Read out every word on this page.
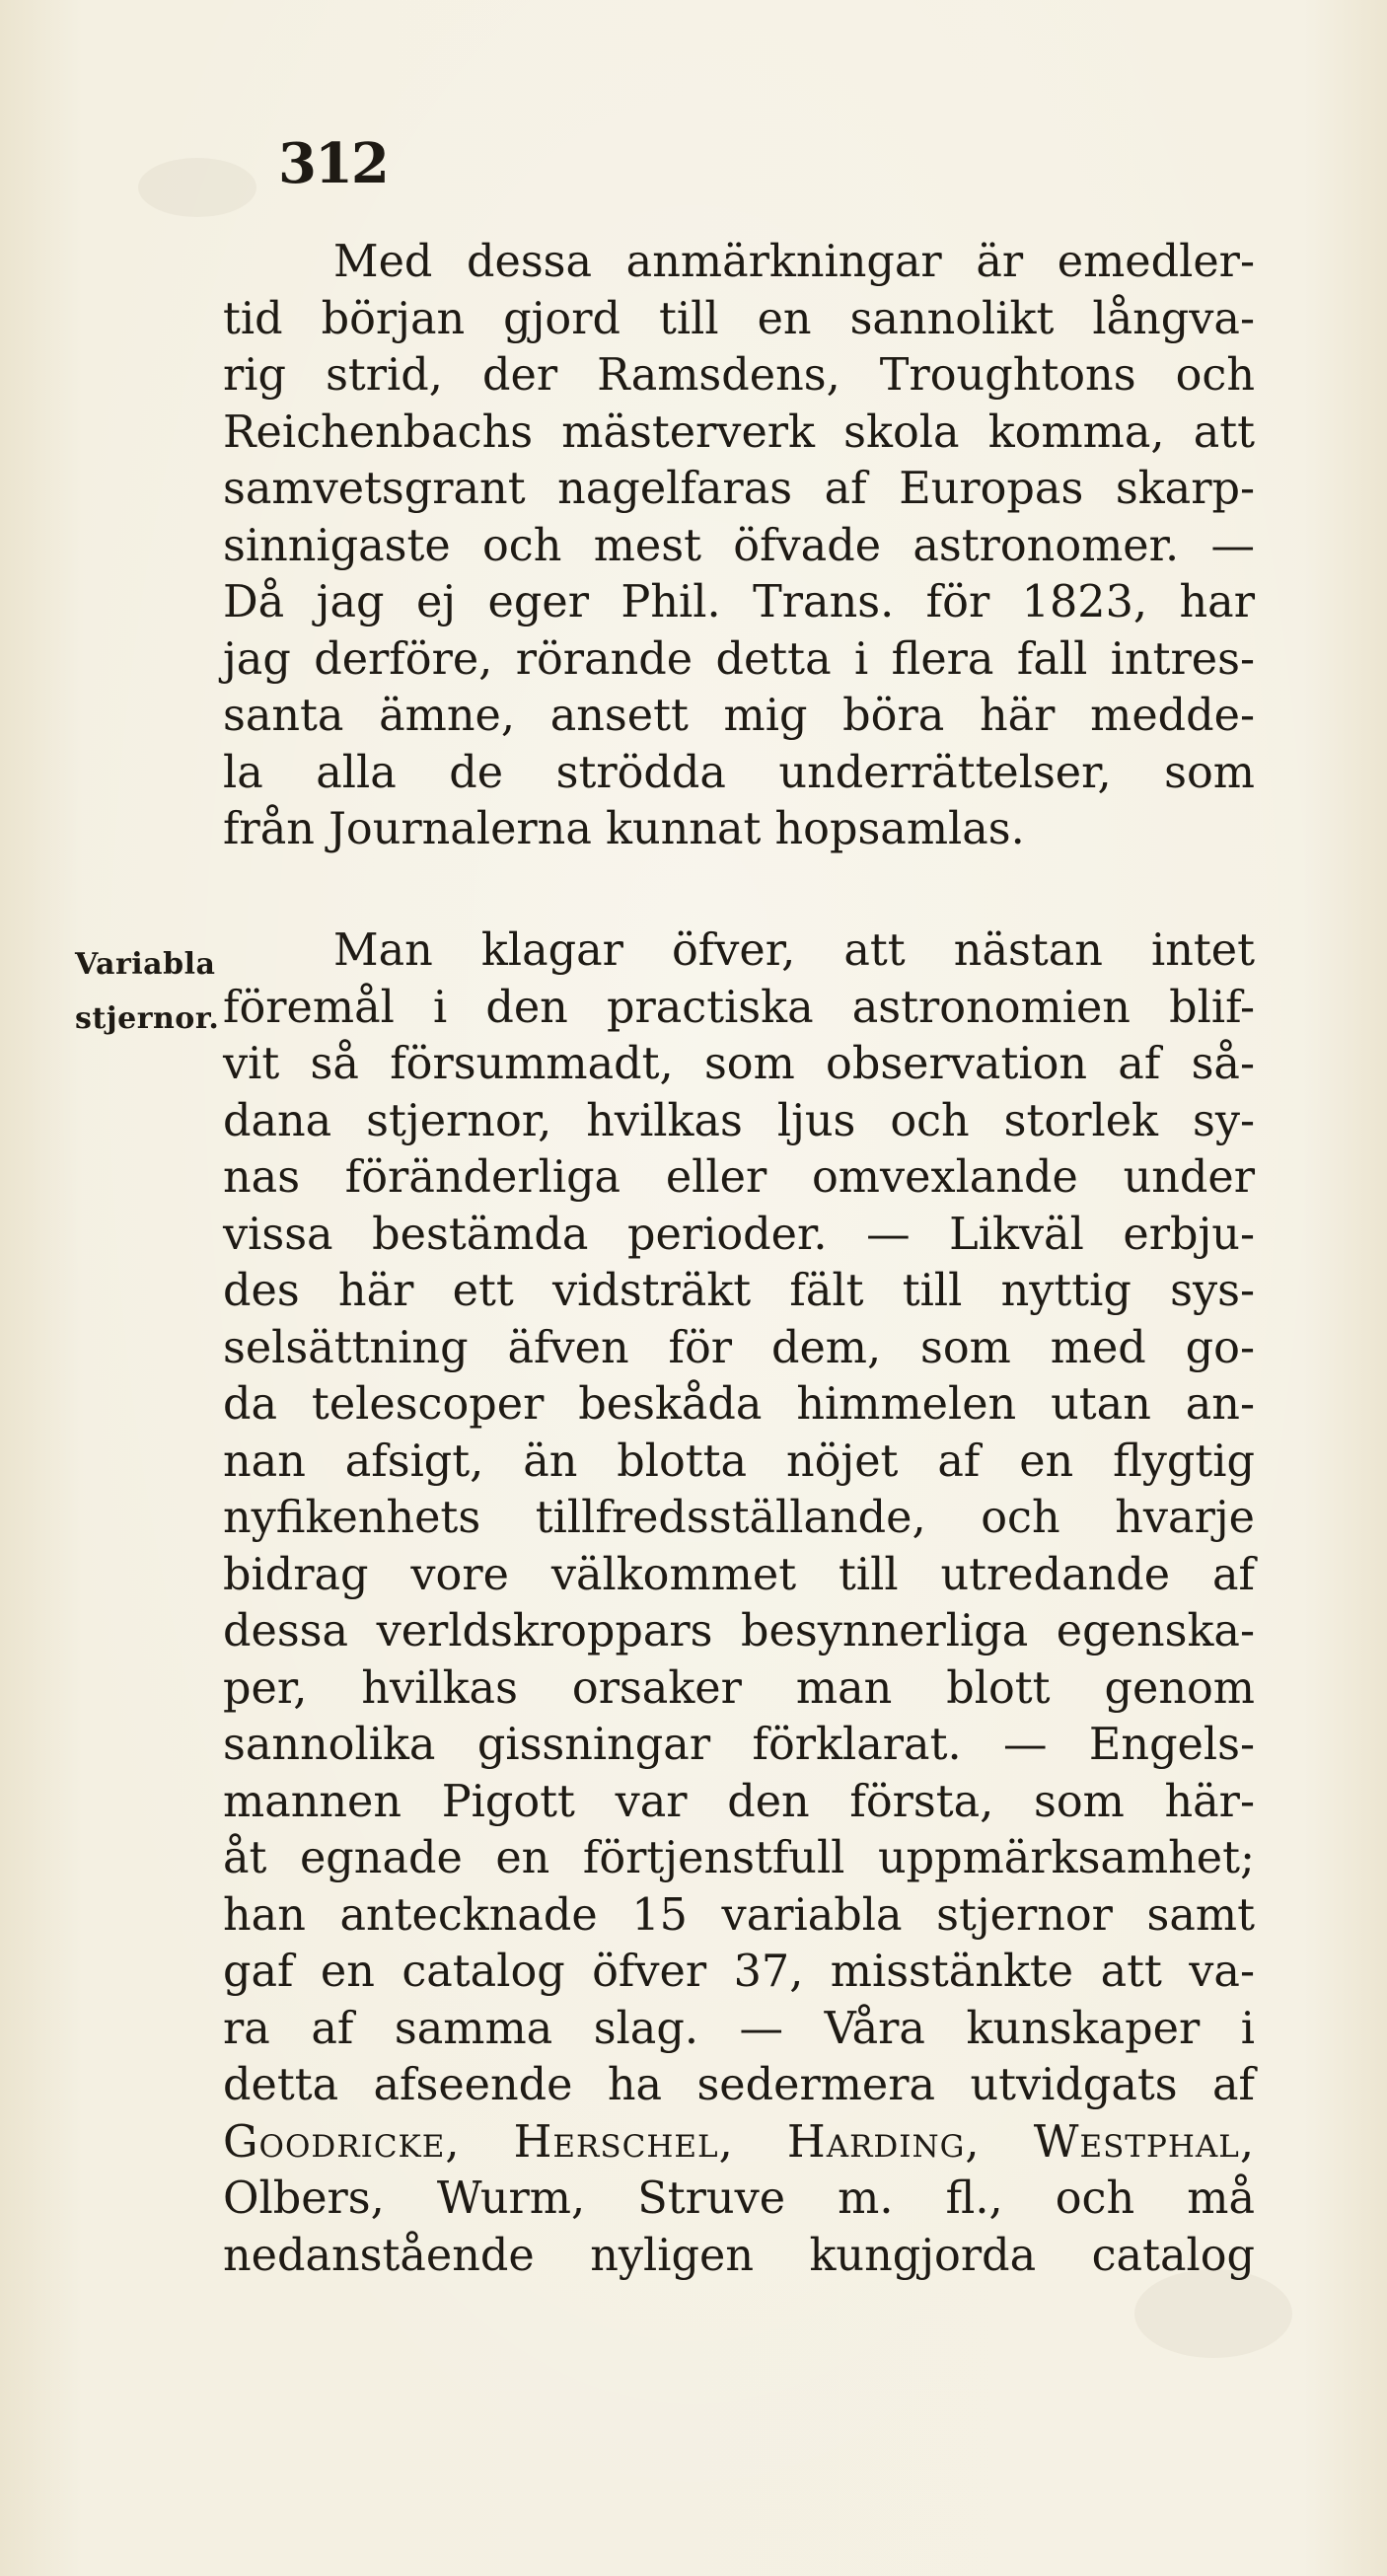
312
Med dessa anmärkningar är emedler-
tid början gjord till en sannolikt långva-
rig strid, der Ramsdens, Troughtons och
Reichenbachs mästerverk skola komma, att
samvetsgrant nagelfaras af Europas skarp-
sinnigaste och mest öfvade astronomer. —
Då jag ej eger Phil. Trans. för 1823, har
jag derföre, rörande detta i flera fall intres-
santa ämne, ansett mig böra här medde-
la alla de strödda underrättelser, som
från Journalerna kunnat hopsamlas.
Variabla
stjernor.
Man klagar öfver, att nästan intet
föremål i den practiska astronomien blif-
vit så försummadt, som observation af så-
dana stjernor, hvilkas ljus och storlek sy-
nas föränderliga eller omvexlande under
vissa bestämda perioder. — Likväl erbju-
des här ett vidsträkt fält till nyttig sys-
selsättning äfven för dem, som med go-
da telescoper beskåda himmelen utan an-
nan afsigt, än blotta nöjet af en flygtig
nyfikenhets tillfredsställande, och hvarje
bidrag vore välkommet till utredande af
dessa verldskroppars besynnerliga egenska-
per, hvilkas orsaker man blott genom
sannolika gissningar förklarat. — Engels-
mannen Pigott var den första, som här-
åt egnade en förtjenstfull uppmärksamhet;
han antecknade 15 variabla stjernor samt
gaf en catalog öfver 37, misstänkte att va-
ra af samma slag. — Våra kunskaper i
detta afseende ha sedermera utvidgats af
Goodricke, Herschel, Harding, Westphal,
Olbers, Wurm, Struve m. fl., och må
nedanstående nyligen kungjorda catalog
